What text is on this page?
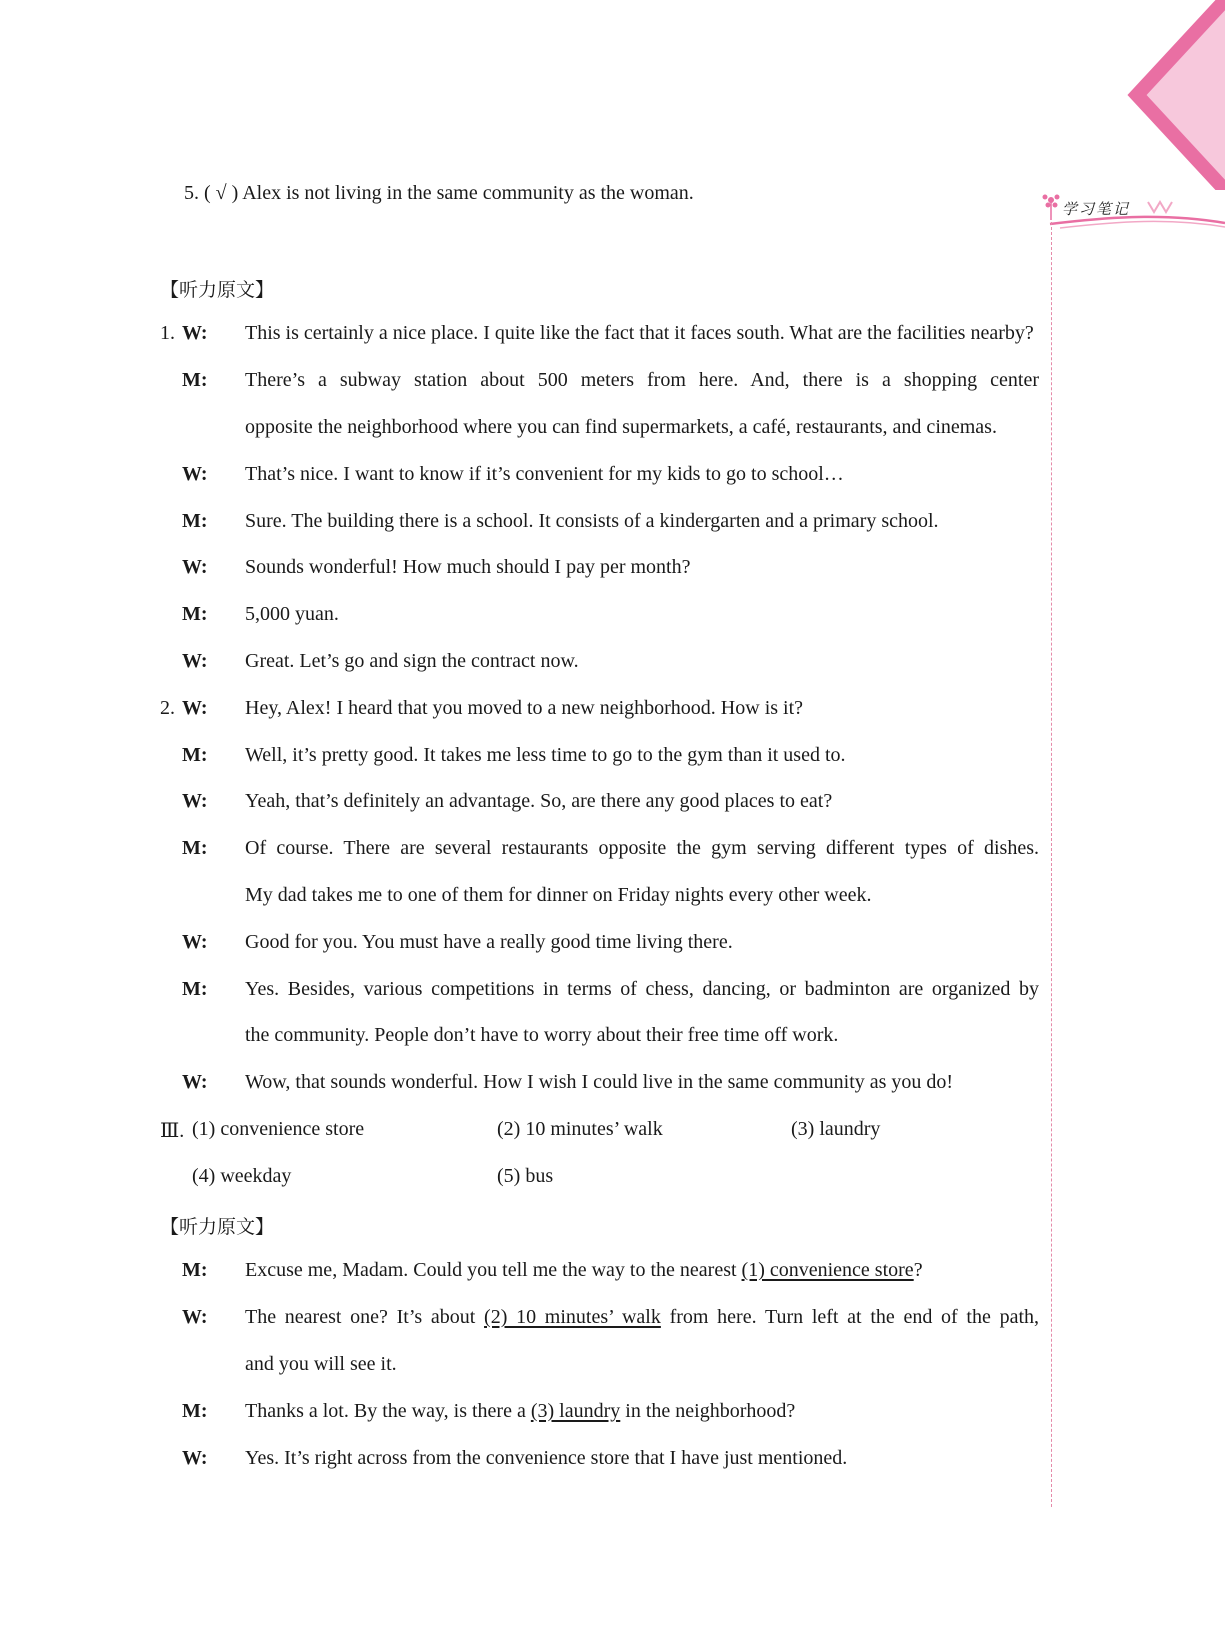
学习笔记
5. ( √ ) Alex is not living in the same community as the woman.
【听力原文】
1. W: This is certainly a nice place. I quite like the fact that it faces south. What are the facilities nearby?
M: There’s a subway station about 500 meters from here. And, there is a shopping center
opposite the neighborhood where you can find supermarkets, a café, restaurants, and cinemas.
W: That’s nice. I want to know if it’s convenient for my kids to go to school…
M: Sure. The building there is a school. It consists of a kindergarten and a primary school.
W: Sounds wonderful! How much should I pay per month?
M: 5,000 yuan.
W: Great. Let’s go and sign the contract now.
2. W: Hey, Alex! I heard that you moved to a new neighborhood. How is it?
M: Well, it’s pretty good. It takes me less time to go to the gym than it used to.
W: Yeah, that’s definitely an advantage. So, are there any good places to eat?
M: Of course. There are several restaurants opposite the gym serving different types of dishes.
My dad takes me to one of them for dinner on Friday nights every other week.
W: Good for you. You must have a really good time living there.
M: Yes. Besides, various competitions in terms of chess, dancing, or badminton are organized by
the community. People don’t have to worry about their free time off work.
W: Wow, that sounds wonderful. How I wish I could live in the same community as you do!
Ⅲ. (1) convenience store	(2) 10 minutes’ walk	(3) laundry
(4) weekday	(5) bus
【听力原文】
M: Excuse me, Madam. Could you tell me the way to the nearest (1) convenience store?
W: The nearest one? It’s about (2) 10 minutes’ walk from here. Turn left at the end of the path,
and you will see it.
M: Thanks a lot. By the way, is there a (3) laundry in the neighborhood?
W: Yes. It’s right across from the convenience store that I have just mentioned.
